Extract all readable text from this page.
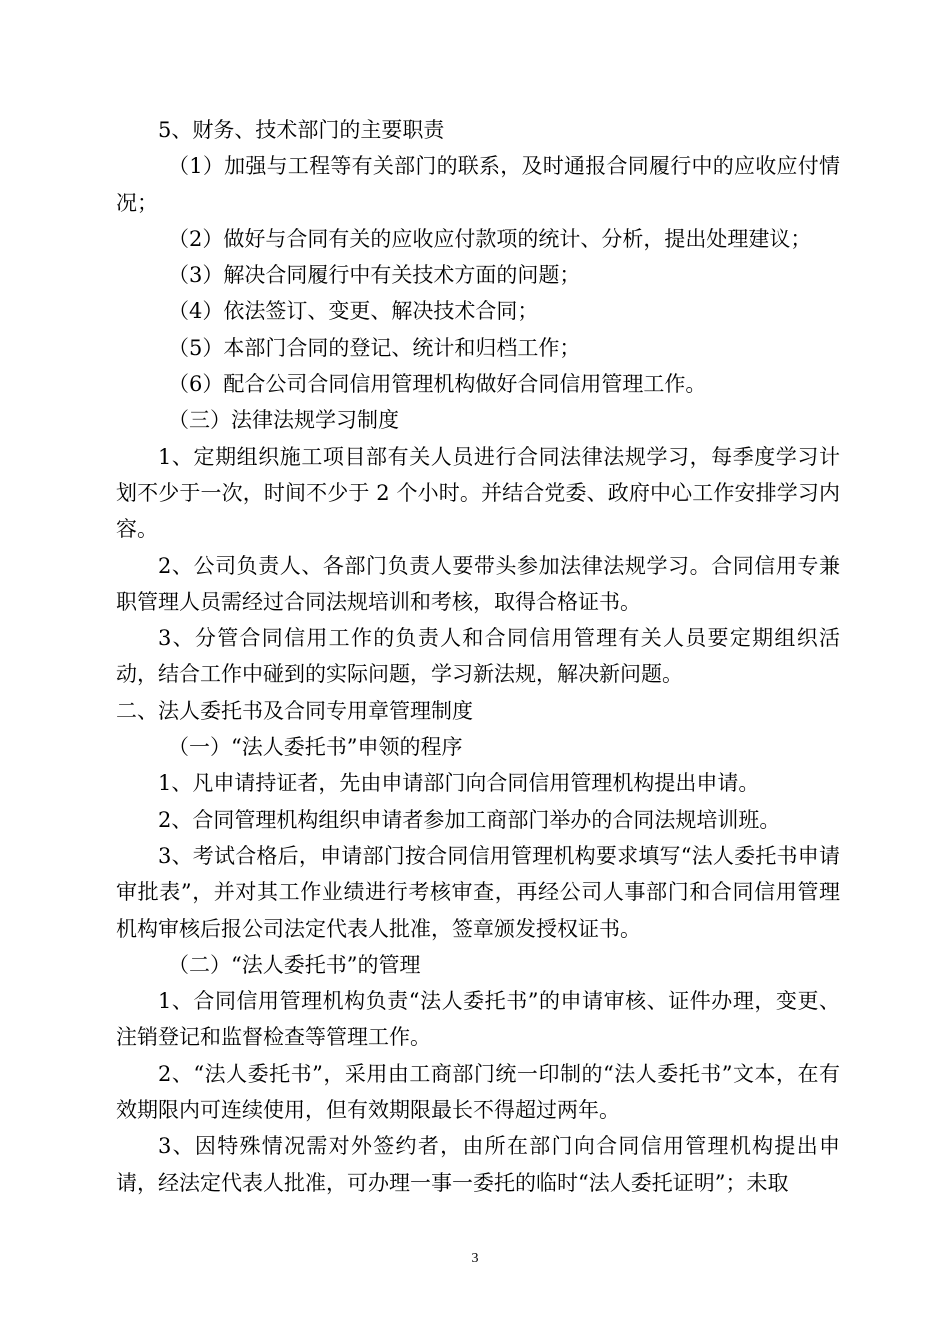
5、财务、技术部门的主要职责

（1）加强与工程等有关部门的联系，及时通报合同履行中的应收应付情况；

（2）做好与合同有关的应收应付款项的统计、分析，提出处理建议；

（3）解决合同履行中有关技术方面的问题；

（4）依法签订、变更、解决技术合同；

（5）本部门合同的登记、统计和归档工作；

（6）配合公司合同信用管理机构做好合同信用管理工作。

（三）法律法规学习制度

1、定期组织施工项目部有关人员进行合同法律法规学习，每季度学习计划不少于一次，时间不少于 2 个小时。并结合党委、政府中心工作安排学习内容。

2、公司负责人、各部门负责人要带头参加法律法规学习。合同信用专兼职管理人员需经过合同法规培训和考核，取得合格证书。

3、分管合同信用工作的负责人和合同信用管理有关人员要定期组织活动，结合工作中碰到的实际问题，学习新法规，解决新问题。

二、法人委托书及合同专用章管理制度

（一）“法人委托书”申领的程序

1、凡申请持证者，先由申请部门向合同信用管理机构提出申请。

2、合同管理机构组织申请者参加工商部门举办的合同法规培训班。

3、考试合格后，申请部门按合同信用管理机构要求填写“法人委托书申请审批表”，并对其工作业绩进行考核审查，再经公司人事部门和合同信用管理机构审核后报公司法定代表人批准，签章颁发授权证书。

（二）“法人委托书”的管理

1、合同信用管理机构负责“法人委托书”的申请审核、证件办理，变更、注销登记和监督检查等管理工作。

2、“法人委托书”，采用由工商部门统一印制的“法人委托书”文本，在有效期限内可连续使用，但有效期限最长不得超过两年。

3、因特殊情况需对外签约者，由所在部门向合同信用管理机构提出申请，经法定代表人批准，可办理一事一委托的临时“法人委托证明”；未取

3
